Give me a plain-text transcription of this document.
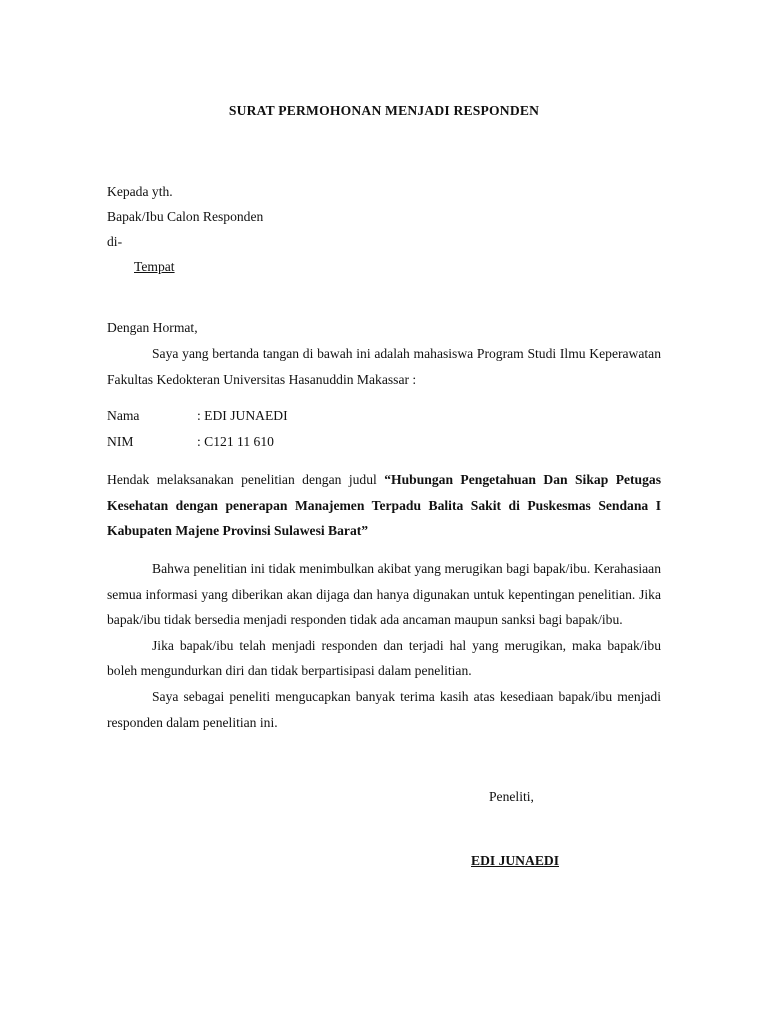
SURAT PERMOHONAN MENJADI RESPONDEN
Kepada yth.
Bapak/Ibu Calon Responden
di-
Tempat
Dengan Hormat,

Saya yang bertanda tangan di bawah ini adalah mahasiswa Program Studi Ilmu Keperawatan Fakultas Kedokteran Universitas Hasanuddin Makassar :

Nama	: EDI JUNAEDI
NIM	: C121 11 610

Hendak melaksanakan penelitian dengan judul “Hubungan Pengetahuan Dan Sikap Petugas Kesehatan dengan penerapan Manajemen Terpadu Balita Sakit di Puskesmas Sendana I Kabupaten Majene Provinsi Sulawesi Barat”

Bahwa penelitian ini tidak menimbulkan akibat yang merugikan bagi bapak/ibu. Kerahasiaan semua informasi yang diberikan akan dijaga dan hanya digunakan untuk kepentingan penelitian. Jika bapak/ibu tidak bersedia menjadi responden tidak ada ancaman maupun sanksi bagi bapak/ibu.

Jika bapak/ibu telah menjadi responden dan terjadi hal yang merugikan, maka bapak/ibu boleh mengundurkan diri dan tidak berpartisipasi dalam penelitian.

Saya sebagai peneliti mengucapkan banyak terima kasih atas kesediaan bapak/ibu menjadi responden dalam penelitian ini.

Peneliti,
EDI JUNAEDI
